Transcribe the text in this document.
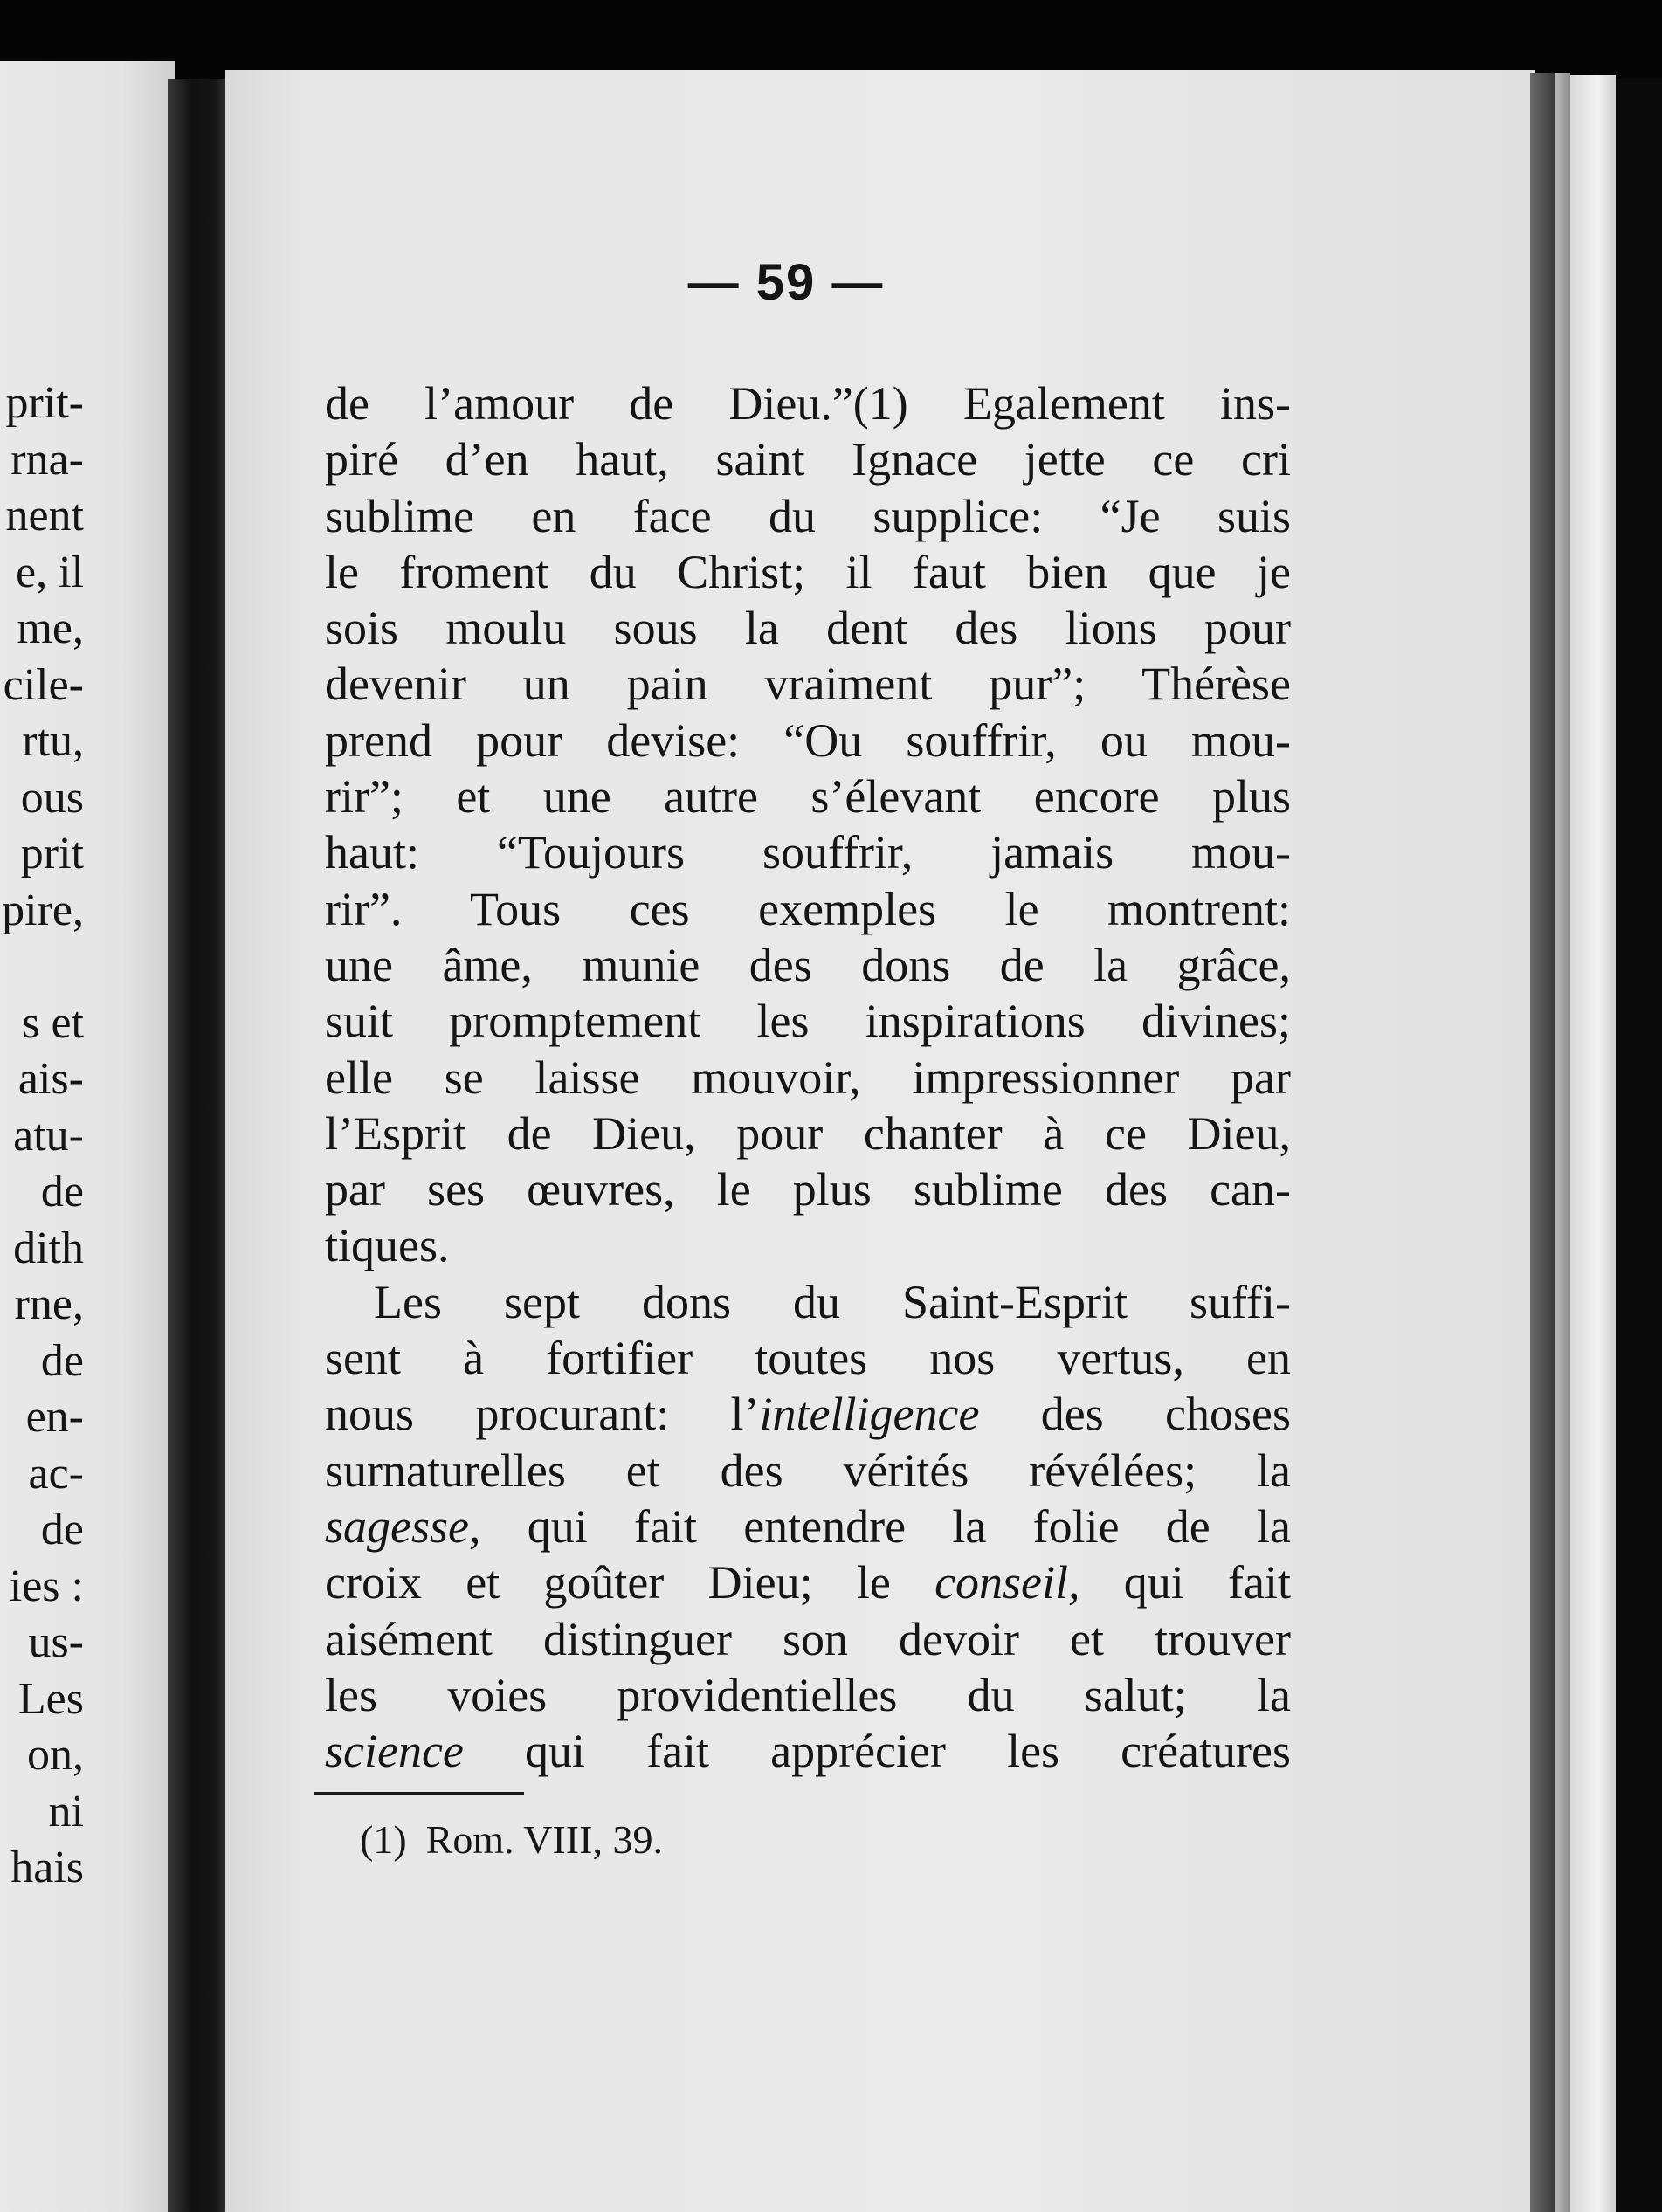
prit-
rna-
nent
e, il
me,
cile-
rtu,
ous
prit
pire,
s et
ais-
atu-
de
dith
rne,
de
en-
ac-
de
ies :
us-
Les
on,
ni
hais
— 59 —
de l’amour de Dieu.”(1) Egalement ins-
piré d’en haut, saint Ignace jette ce cri
sublime en face du supplice: “Je suis
le froment du Christ; il faut bien que je
sois moulu sous la dent des lions pour
devenir un pain vraiment pur”; Thérèse
prend pour devise: “Ou souffrir, ou mou-
rir”; et une autre s’élevant encore plus
haut: “Toujours souffrir, jamais mou-
rir”. Tous ces exemples le montrent:
une âme, munie des dons de la grâce,
suit promptement les inspirations divines;
elle se laisse mouvoir, impressionner par
l’Esprit de Dieu, pour chanter à ce Dieu,
par ses œuvres, le plus sublime des can-
tiques.
Les sept dons du Saint-Esprit suffi-
sent à fortifier toutes nos vertus, en
nous procurant: l’intelligence des choses
surnaturelles et des vérités révélées; la
sagesse, qui fait entendre la folie de la
croix et goûter Dieu; le conseil, qui fait
aisément distinguer son devoir et trouver
les voies providentielles du salut; la
science qui fait apprécier les créatures
(1) Rom. VIII, 39.
